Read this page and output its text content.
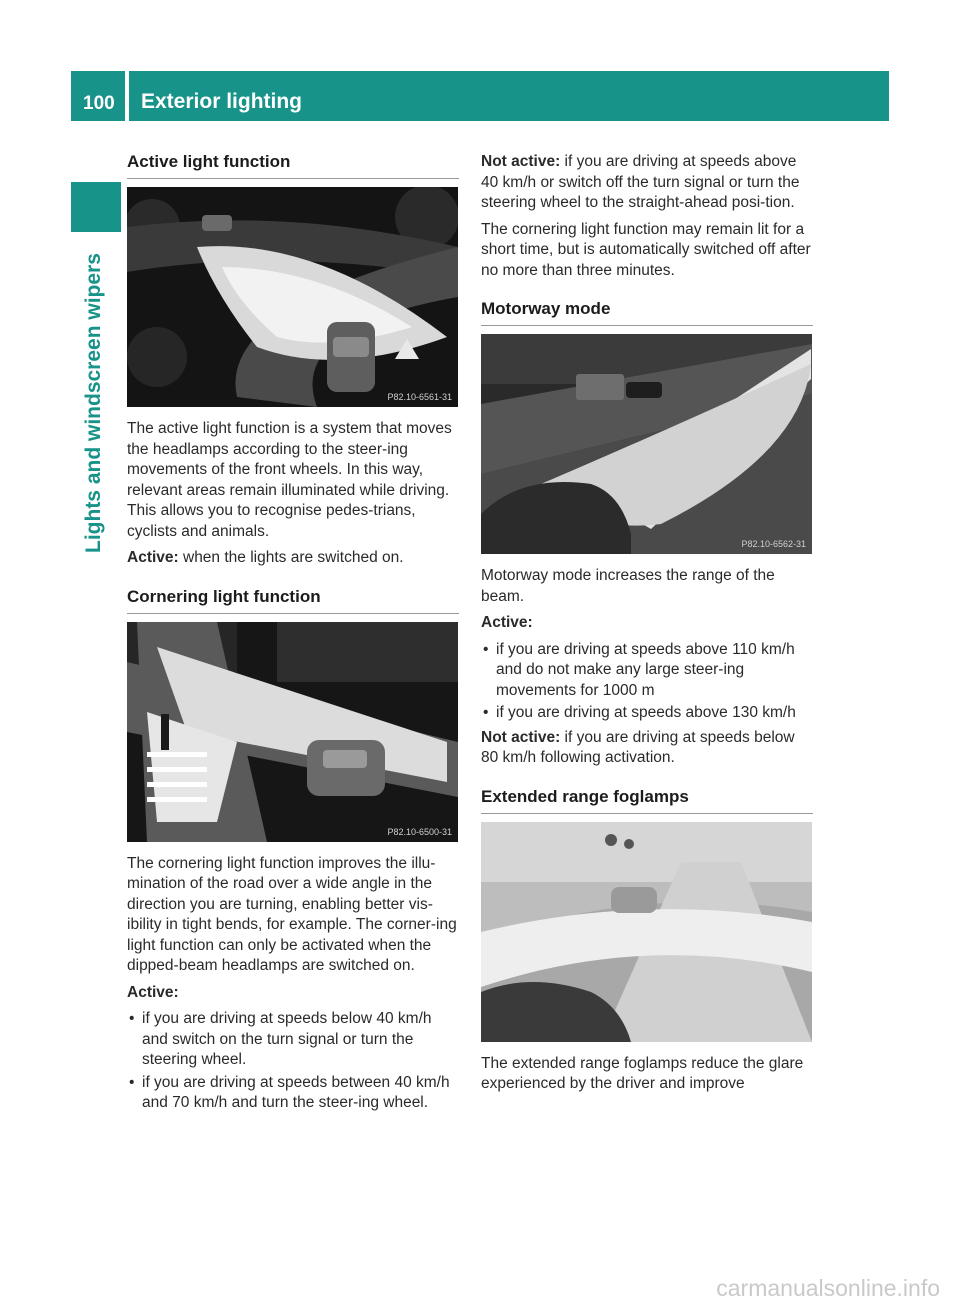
100 Exterior lighting
Lights and windscreen wipers
Active light function
P82.10-6561-31

The active light function is a system that moves the headlamps according to the steer-ing movements of the front wheels. In this way, relevant areas remain illuminated while driving. This allows you to recognise pedes-trians, cyclists and animals.

Active: when the lights are switched on.

Cornering light function
P82.10-6500-31

The cornering light function improves the illu-mination of the road over a wide angle in the direction you are turning, enabling better vis-ibility in tight bends, for example. The corner-ing light function can only be activated when the dipped-beam headlamps are switched on.

Active:

• if you are driving at speeds below 40 km/h and switch on the turn signal or turn the steering wheel.
• if you are driving at speeds between 40 km/h and 70 km/h and turn the steer-ing wheel.

Not active: if you are driving at speeds above 40 km/h or switch off the turn signal or turn the steering wheel to the straight-ahead posi-tion.

The cornering light function may remain lit for a short time, but is automatically switched off after no more than three minutes.

Motorway mode
P82.10-6562-31

Motorway mode increases the range of the beam.

Active:

• if you are driving at speeds above 110 km/h and do not make any large steer-ing movements for 1000 m
• if you are driving at speeds above 130 km/h

Not active: if you are driving at speeds below 80 km/h following activation.

Extended range foglamps
P82.10-6563-31

The extended range foglamps reduce the glare experienced by the driver and improve

carmanualsonline.info
